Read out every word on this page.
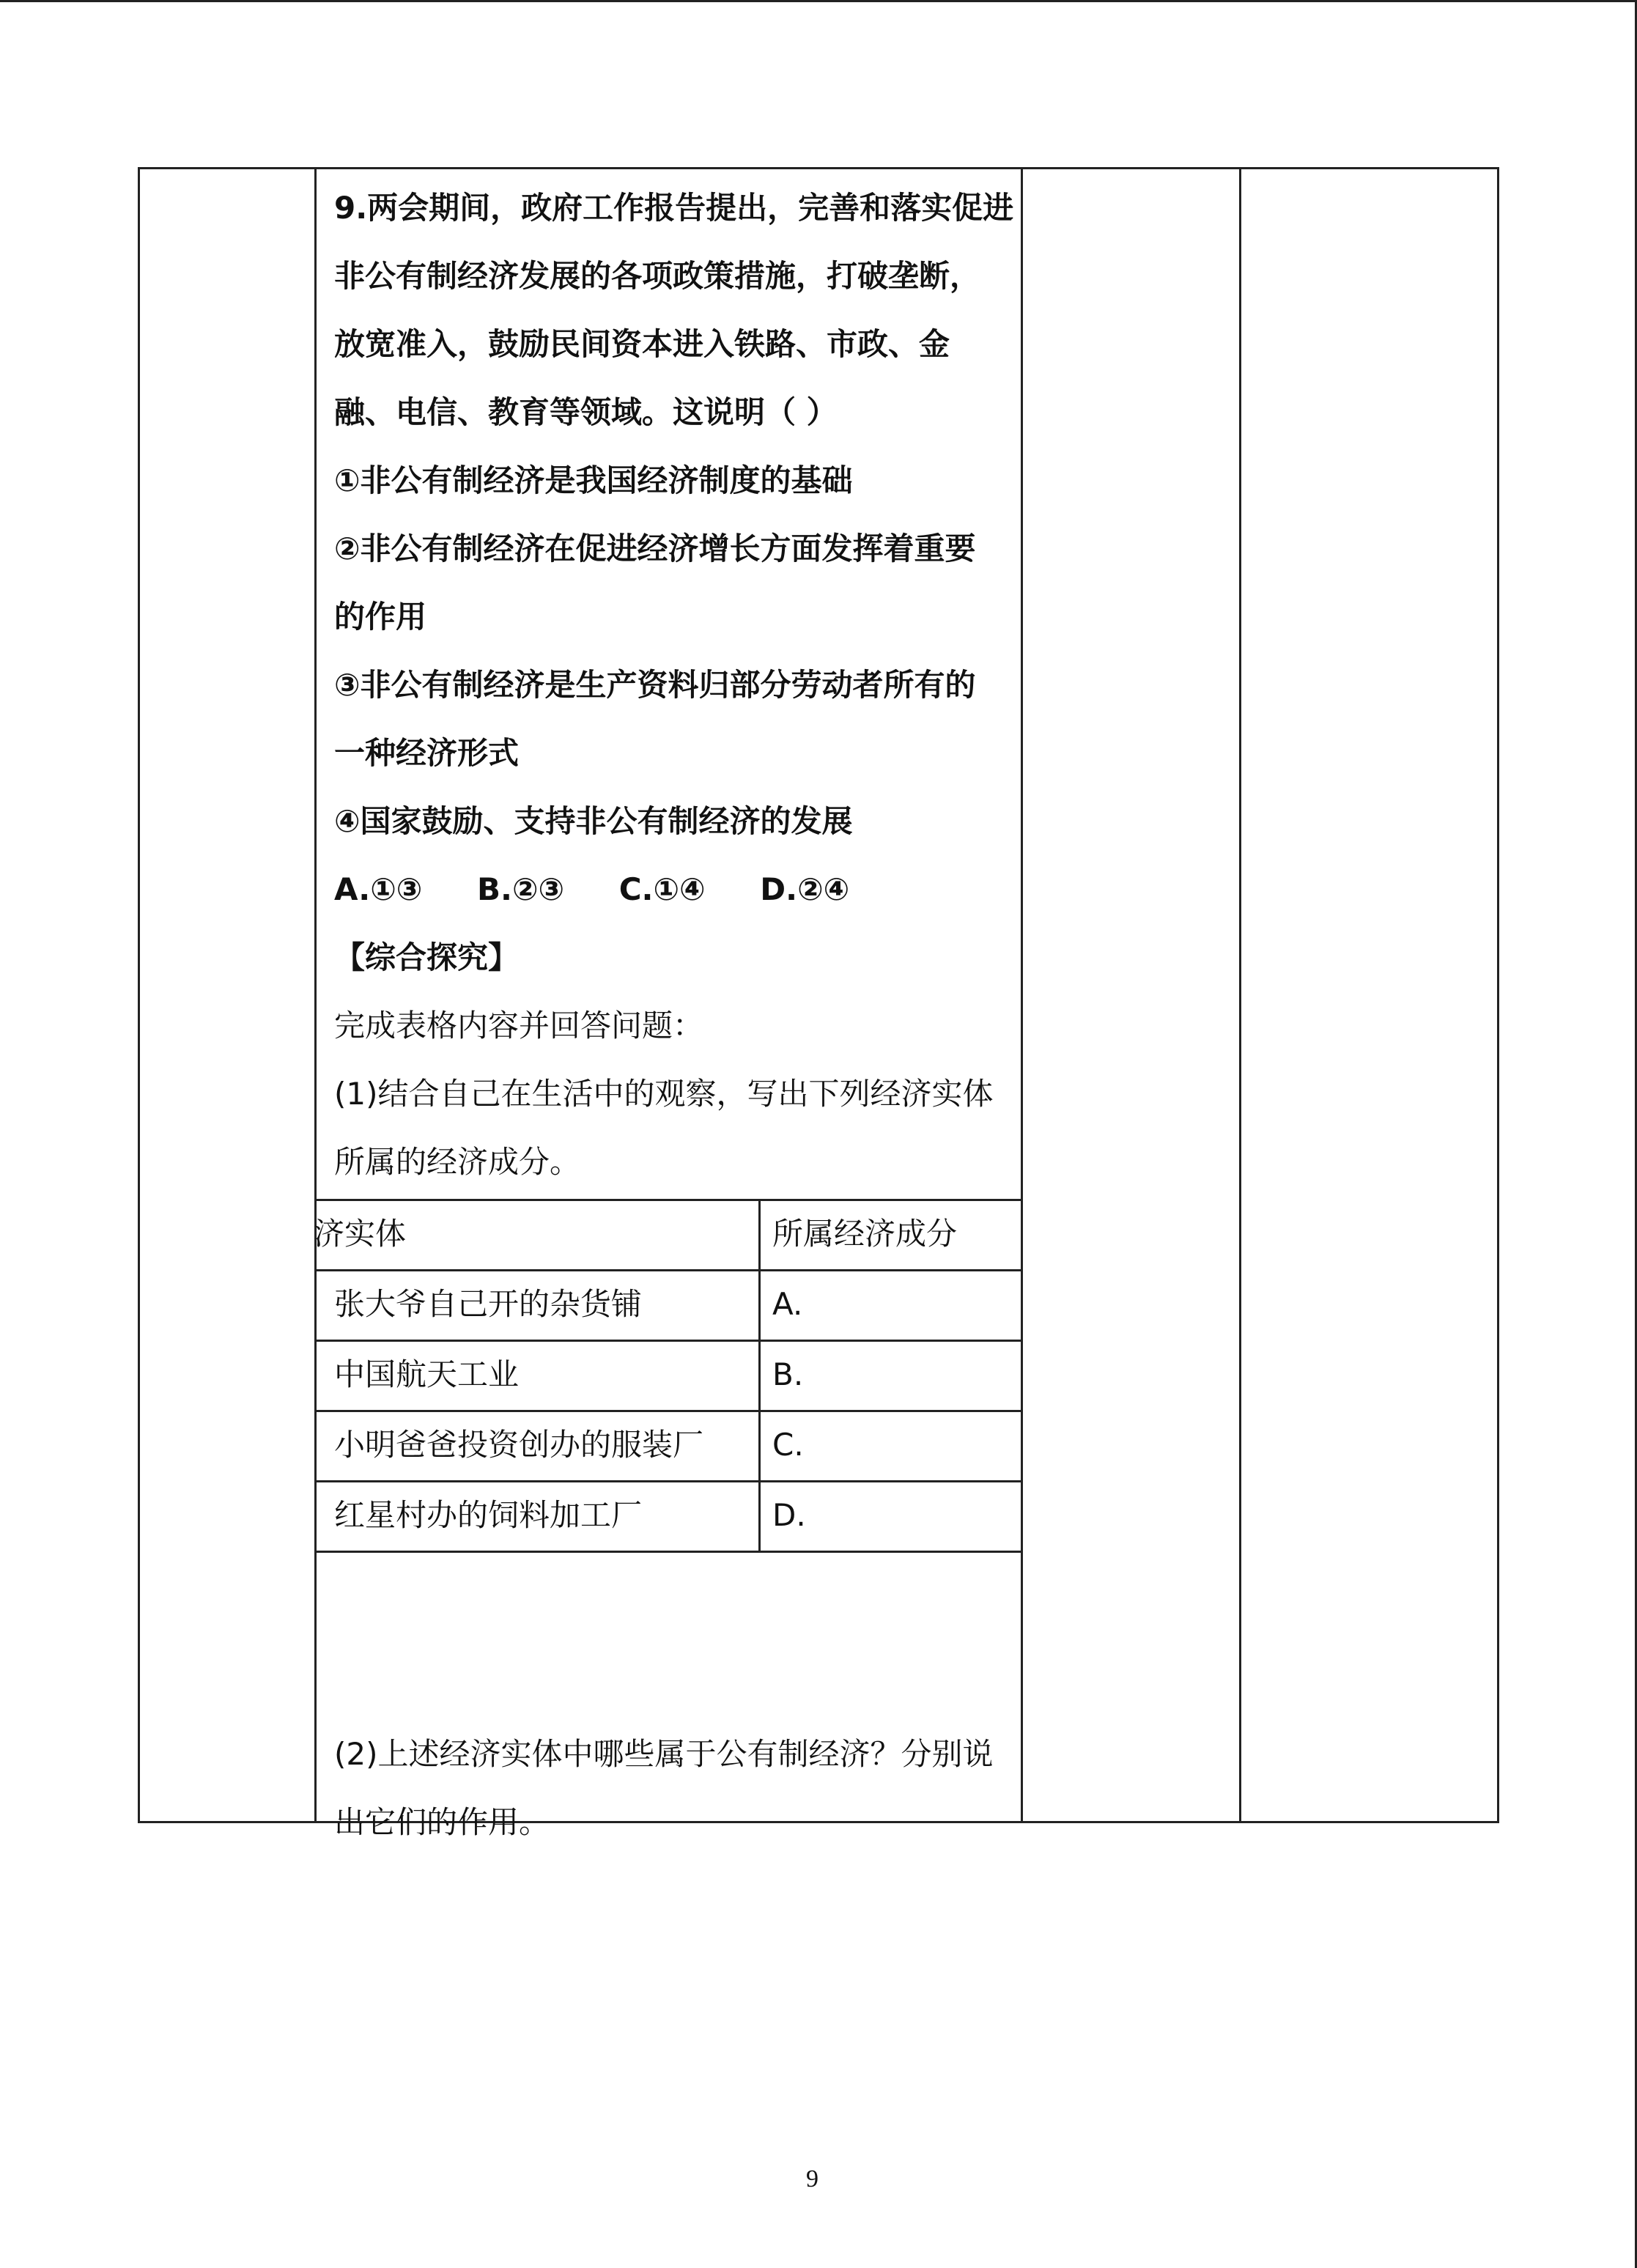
9.两会期间，政府工作报告提出，完善和落实促进
非公有制经济发展的各项政策措施，打破垄断，
放宽准入，鼓励民间资本进入铁路、市政、金
融、电信、教育等领域。这说明（ ）
①非公有制经济是我国经济制度的基础
②非公有制经济在促进经济增长方面发挥着重要
的作用
③非公有制经济是生产资料归部分劳动者所有的
一种经济形式
④国家鼓励、支持非公有制经济的发展
A.①③ B.②③ C.①④ D.②④
【综合探究】
完成表格内容并回答问题：
(1)结合自己在生活中的观察，写出下列经济实体
所属的经济成分。
济实体	所属经济成分
张大爷自己开的杂货铺	A.
中国航天工业	B.
小明爸爸投资创办的服装厂 C.
红星村办的饲料加工厂	D.
(2)上述经济实体中哪些属于公有制经济？分别说
出它们的作用。
9
